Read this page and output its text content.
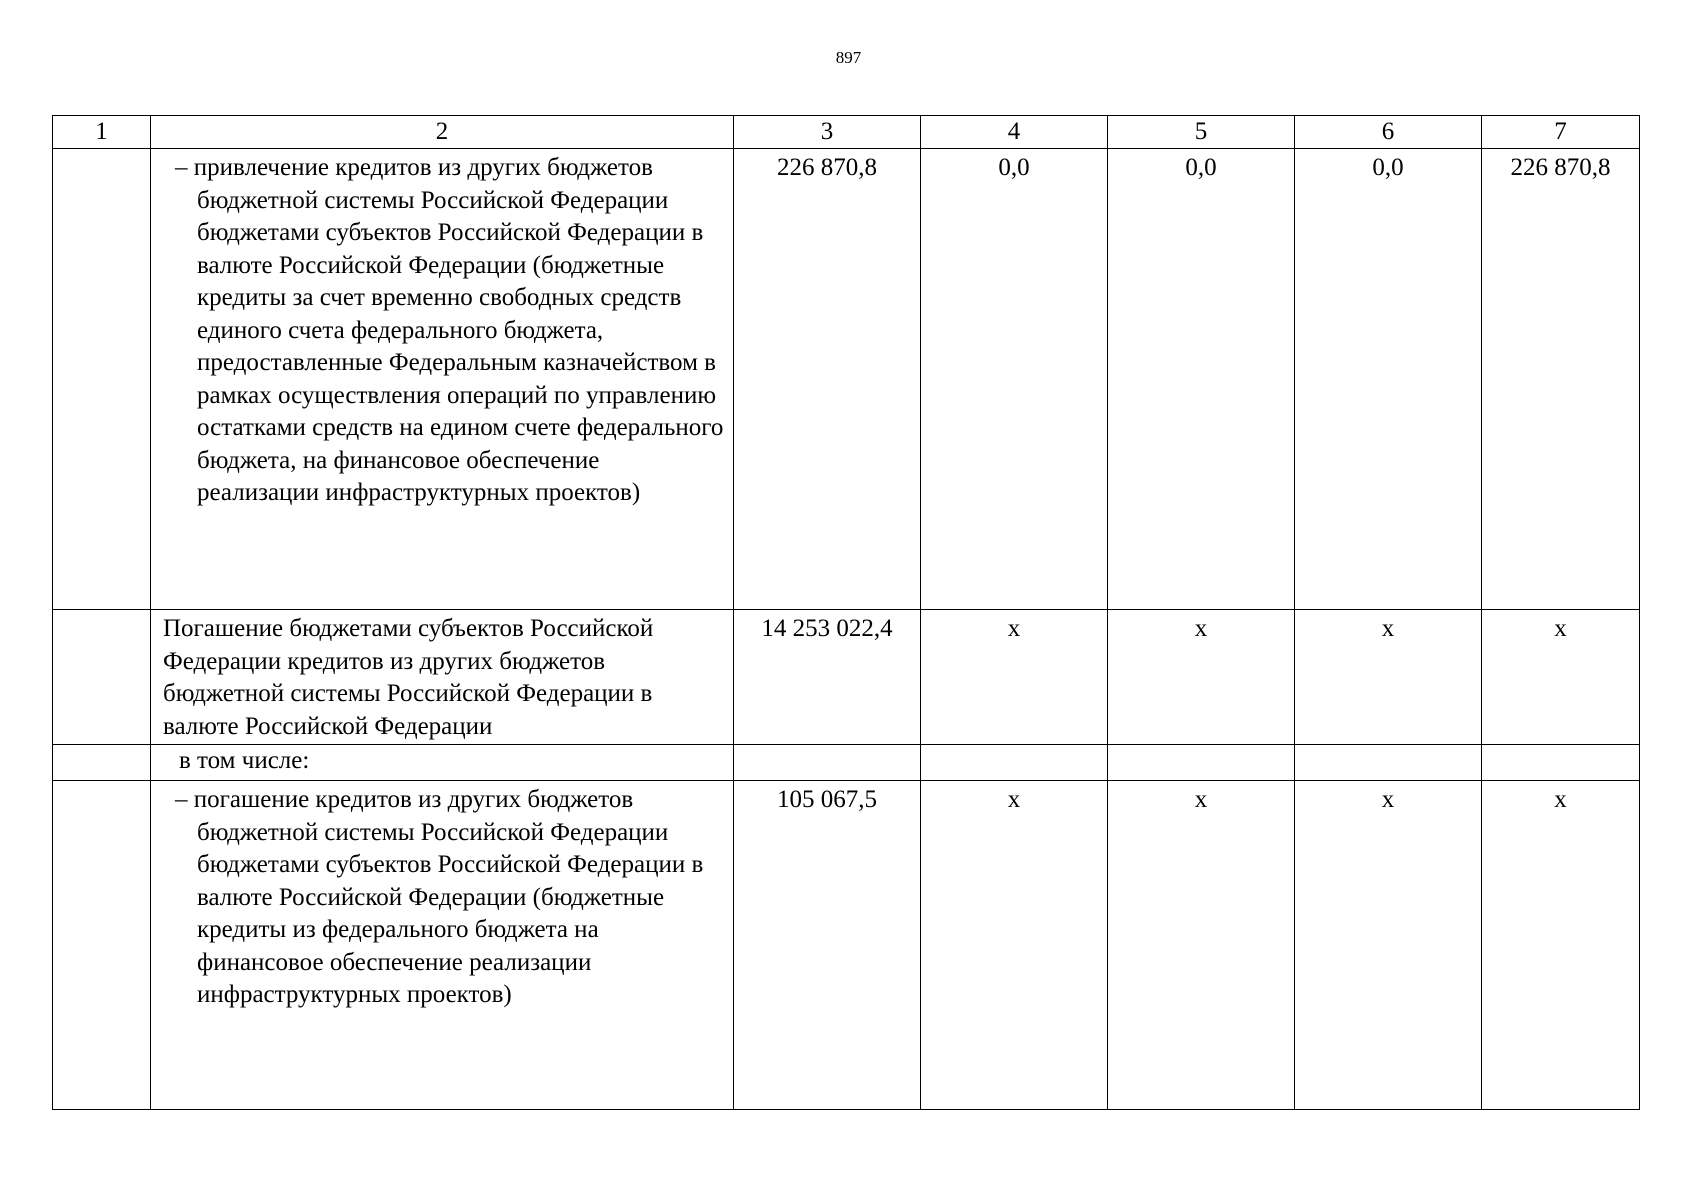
897
1	2	3	4	5	6	7
	– привлечение кредитов из других бюджетов бюджетной системы Российской Федерации бюджетами субъектов Российской Федерации в валюте Российской Федерации (бюджетные кредиты за счет временно свободных средств единого счета федерального бюджета, предоставленные Федеральным казначейством в рамках осуществления операций по управлению остатками средств на едином счете федерального бюджета, на финансовое обеспечение реализации инфраструктурных проектов)	226 870,8	0,0	0,0	0,0	226 870,8
	Погашение бюджетами субъектов Российской Федерации кредитов из других бюджетов бюджетной системы Российской Федерации в валюте Российской Федерации	14 253 022,4	х	х	х	х
	в том числе:					
	– погашение кредитов из других бюджетов бюджетной системы Российской Федерации бюджетами субъектов Российской Федерации в валюте Российской Федерации (бюджетные кредиты из федерального бюджета на финансовое обеспечение реализации инфраструктурных проектов)	105 067,5	х	х	х	х
